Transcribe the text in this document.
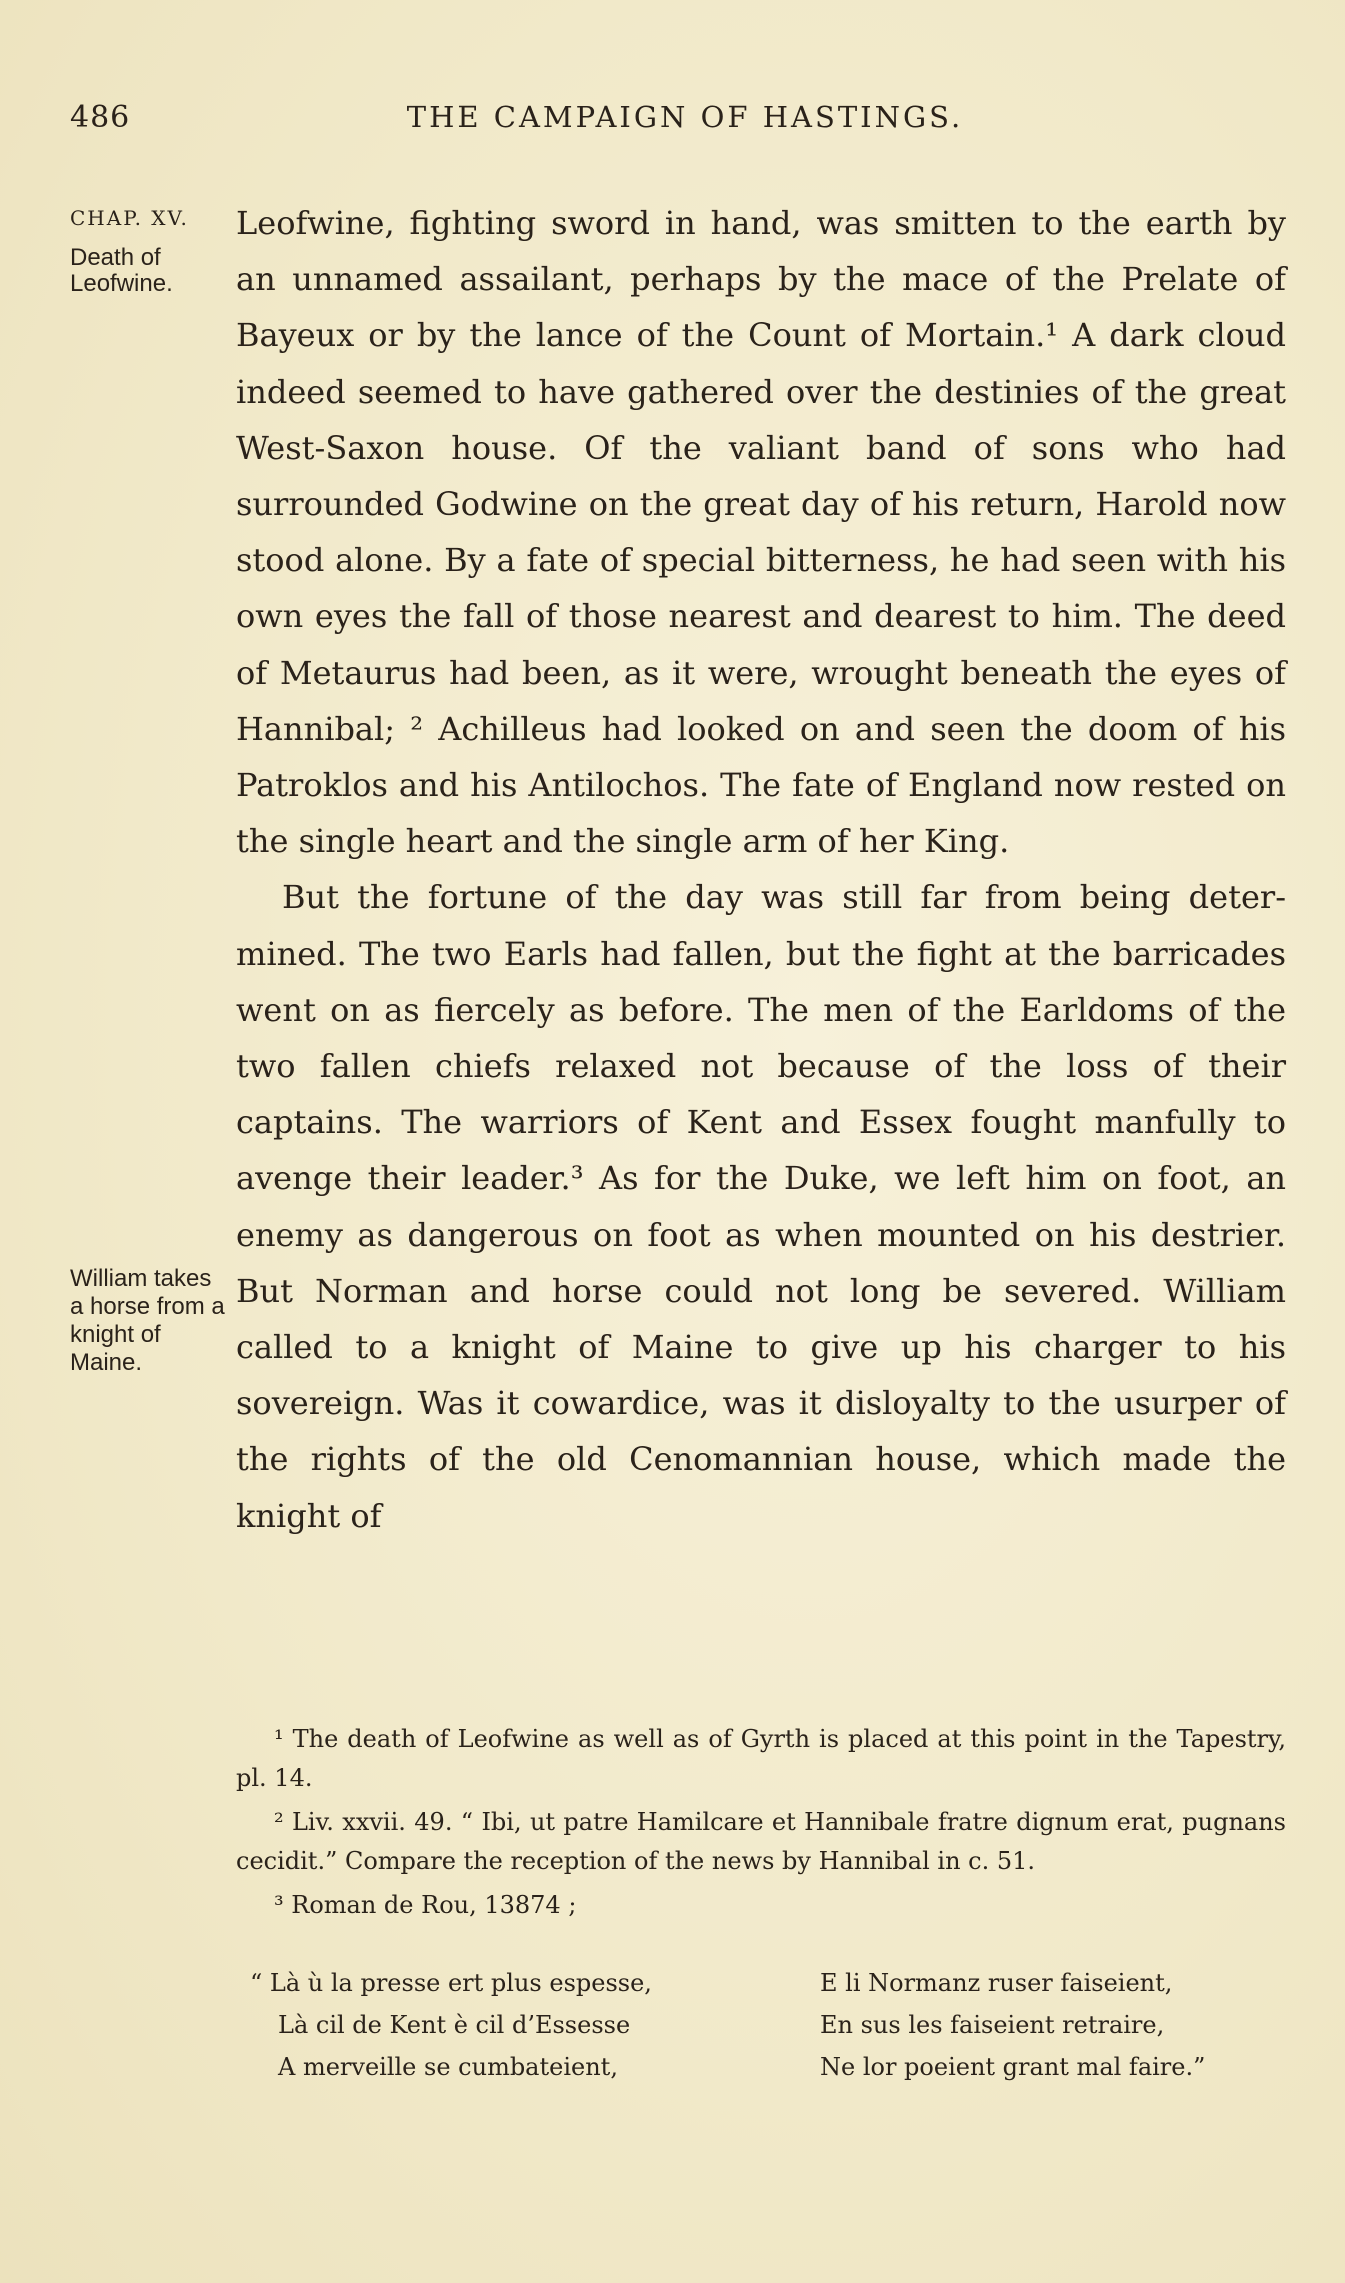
486	THE CAMPAIGN OF HASTINGS.
CHAP. XV.
Death of Leofwine.
William takes a horse from a knight of Maine.

Leofwine, fighting sword in hand, was smitten to the earth by an unnamed assailant, perhaps by the mace of the Prelate of Bayeux or by the lance of the Count of Mortain.¹ A dark cloud indeed seemed to have gathered over the destinies of the great West-Saxon house. Of the valiant band of sons who had surrounded Godwine on the great day of his return, Harold now stood alone. By a fate of special bitterness, he had seen with his own eyes the fall of those nearest and dearest to him. The deed of Metaurus had been, as it were, wrought beneath the eyes of Hannibal; ² Achilleus had looked on and seen the doom of his Patroklos and his Antilochos. The fate of England now rested on the single heart and the single arm of her King.

But the fortune of the day was still far from being determined. The two Earls had fallen, but the fight at the barricades went on as fiercely as before. The men of the Earldoms of the two fallen chiefs relaxed not because of the loss of their captains. The warriors of Kent and Essex fought manfully to avenge their leader.³ As for the Duke, we left him on foot, an enemy as dangerous on foot as when mounted on his destrier. But Norman and horse could not long be severed. William called to a knight of Maine to give up his charger to his sovereign. Was it cowardice, was it disloyalty to the usurper of the rights of the old Cenomannian house, which made the knight of

¹ The death of Leofwine as well as of Gyrth is placed at this point in the Tapestry, pl. 14.

² Liv. xxvii. 49. “ Ibi, ut patre Hamilcare et Hannibale fratre dignum erat, pugnans cecidit.” Compare the reception of the news by Hannibal in c. 51.

³ Roman de Rou, 13874 ;

“ Là ù la presse ert plus espesse,
Là cil de Kent è cil d’Essesse
A merveille se cumbateient,
E li Normanz ruser faiseient,
En sus les faiseient retraire,
Ne lor poeient grant mal faire.”
